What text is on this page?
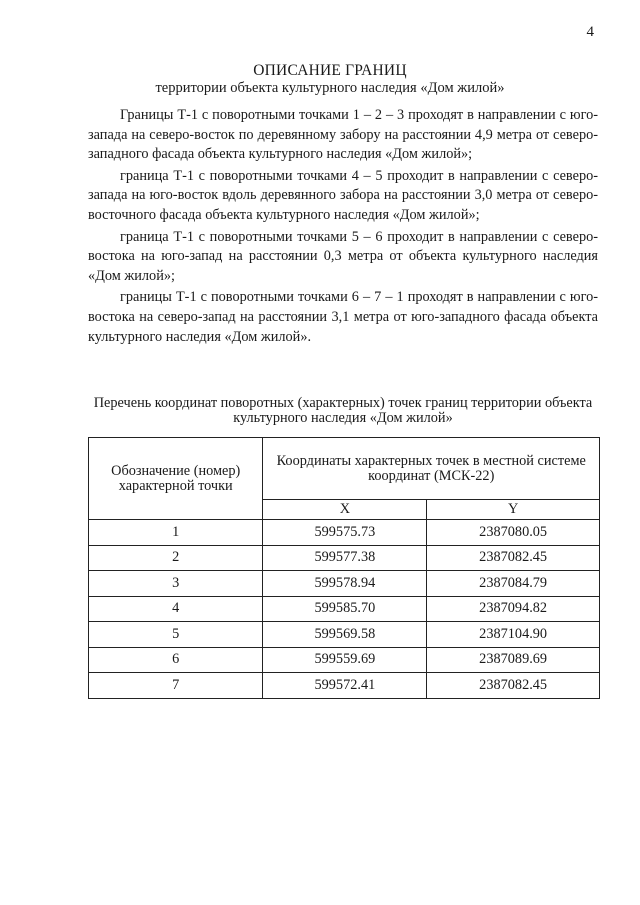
4
ОПИСАНИЕ ГРАНИЦ
территории объекта культурного наследия «Дом жилой»

Границы Т-1 с поворотными точками 1 – 2 – 3 проходят в направлении с юго-запада на северо-восток по деревянному забору на расстоянии 4,9 метра от северо-западного фасада объекта культурного наследия «Дом жилой»;

граница Т-1 с поворотными точками 4 – 5 проходит в направлении с северо-запада на юго-восток вдоль деревянного забора на расстоянии 3,0 метра от северо-восточного фасада объекта культурного наследия «Дом жилой»;

граница Т-1 с поворотными точками 5 – 6 проходит в направлении с северо-востока на юго-запад на расстоянии 0,3 метра от объекта культурного наследия «Дом жилой»;

границы Т-1 с поворотными точками 6 – 7 – 1 проходят в направлении с юго-востока на северо-запад на расстоянии 3,1 метра от юго-западного фасада объекта культурного наследия «Дом жилой».

Перечень координат поворотных (характерных) точек границ территории объекта культурного наследия «Дом жилой»
Обозначение (номер) характерной точки	Координаты характерных точек в местной системе координат (МСК-22)	
	X	Y
1	599575.73	2387080.05
2	599577.38	2387082.45
3	599578.94	2387084.79
4	599585.70	2387094.82
5	599569.58	2387104.90
6	599559.69	2387089.69
7	599572.41	2387082.45
